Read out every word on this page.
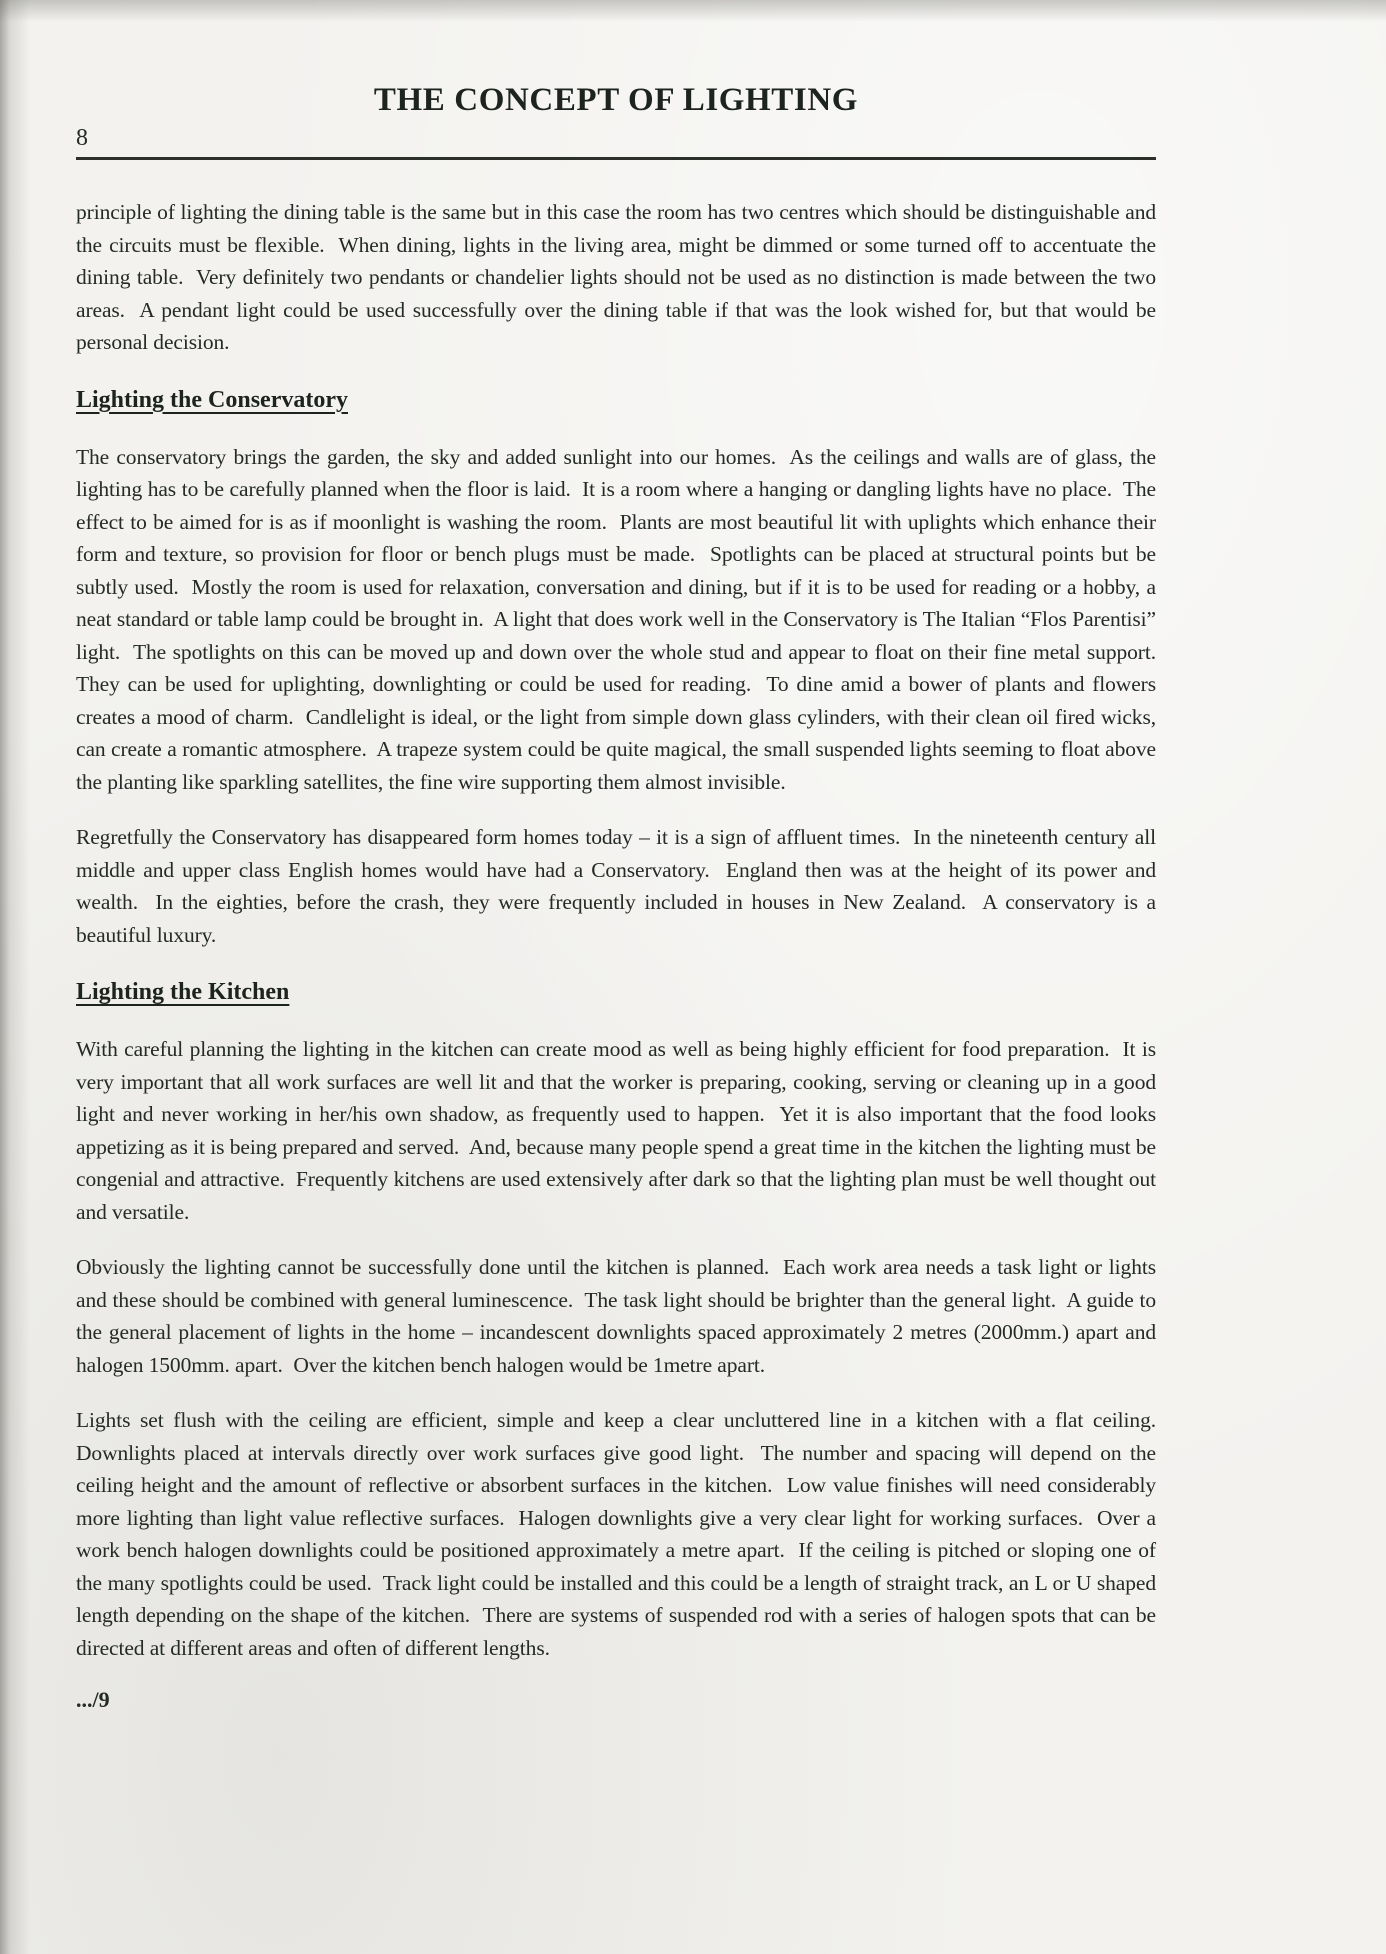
THE CONCEPT OF LIGHTING
8

principle of lighting the dining table is the same but in this case the room has two centres which should be distinguishable and the circuits must be flexible.  When dining, lights in the living area, might be dimmed or some turned off to accentuate the dining table.  Very definitely two pendants or chandelier lights should not be used as no distinction is made between the two areas.  A pendant light could be used successfully over the dining table if that was the look wished for, but that would be personal decision.

Lighting the Conservatory

The conservatory brings the garden, the sky and added sunlight into our homes.  As the ceilings and walls are of glass, the lighting has to be carefully planned when the floor is laid.  It is a room where a hanging or dangling lights have no place.  The effect to be aimed for is as if moonlight is washing the room.  Plants are most beautiful lit with uplights which enhance their form and texture, so provision for floor or bench plugs must be made.  Spotlights can be placed at structural points but be subtly used.  Mostly the room is used for relaxation, conversation and dining, but if it is to be used for reading or a hobby, a neat standard or table lamp could be brought in.  A light that does work well in the Conservatory is The Italian “Flos Parentisi” light.  The spotlights on this can be moved up and down over the whole stud and appear to float on their fine metal support.  They can be used for uplighting, downlighting or could be used for reading.  To dine amid a bower of plants and flowers creates a mood of charm.  Candlelight is ideal, or the light from simple down glass cylinders, with their clean oil fired wicks, can create a romantic atmosphere.  A trapeze system could be quite magical, the small suspended lights seeming to float above the planting like sparkling satellites, the fine wire supporting them almost invisible.

Regretfully the Conservatory has disappeared form homes today – it is a sign of affluent times.  In the nineteenth century all middle and upper class English homes would have had a Conservatory.  England then was at the height of its power and wealth.  In the eighties, before the crash, they were frequently included in houses in New Zealand.  A conservatory is a beautiful luxury.

Lighting the Kitchen

With careful planning the lighting in the kitchen can create mood as well as being highly efficient for food preparation.  It is very important that all work surfaces are well lit and that the worker is preparing, cooking, serving or cleaning up in a good light and never working in her/his own shadow, as frequently used to happen.  Yet it is also important that the food looks appetizing as it is being prepared and served.  And, because many people spend a great time in the kitchen the lighting must be congenial and attractive.  Frequently kitchens are used extensively after dark so that the lighting plan must be well thought out and versatile.

Obviously the lighting cannot be successfully done until the kitchen is planned.  Each work area needs a task light or lights and these should be combined with general luminescence.  The task light should be brighter than the general light.  A guide to the general placement of lights in the home – incandescent downlights spaced approximately 2 metres (2000mm.) apart and halogen 1500mm. apart.  Over the kitchen bench halogen would be 1metre apart.

Lights set flush with the ceiling are efficient, simple and keep a clear uncluttered line in a kitchen with a flat ceiling.  Downlights placed at intervals directly over work surfaces give good light.  The number and spacing will depend on the ceiling height and the amount of reflective or absorbent surfaces in the kitchen.  Low value finishes will need considerably more lighting than light value reflective surfaces.  Halogen downlights give a very clear light for working surfaces.  Over a work bench halogen downlights could be positioned approximately a metre apart.  If the ceiling is pitched or sloping one of the many spotlights could be used.  Track light could be installed and this could be a length of straight track, an L or U shaped length depending on the shape of the kitchen.  There are systems of suspended rod with a series of halogen spots that can be directed at different areas and often of different lengths.

.../9
